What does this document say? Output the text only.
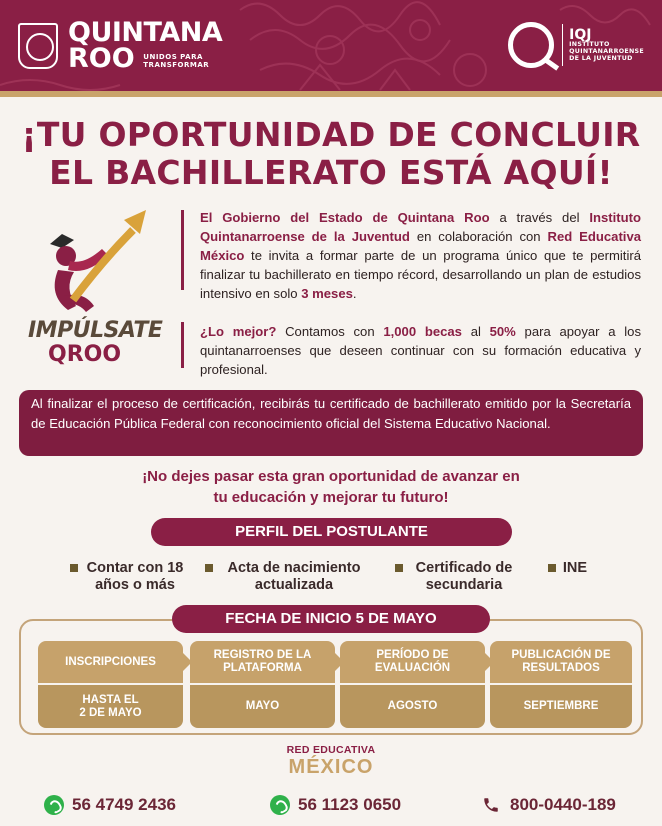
QUINTANA
ROO UNIDOS PARA
TRANSFORMAR
IQJ
INSTITUTO
QUINTANARROENSE
DE LA JUVENTUD
¡TU OPORTUNIDAD DE CONCLUIR
EL BACHILLERATO ESTÁ AQUÍ!
IMPÚLSATE
QROO
El Gobierno del Estado de Quintana Roo a través del Instituto Quintanarroense de la Juventud en colaboración con Red Educativa México te invita a formar parte de un programa único que te permitirá finalizar tu bachillerato en tiempo récord, desarrollando un plan de estudios intensivo en solo 3 meses.
¿Lo mejor? Contamos con 1,000 becas al 50% para apoyar a los quintanarroenses que deseen continuar con su formación educativa y profesional.
Al finalizar el proceso de certificación, recibirás tu certificado de bachillerato emitido por la Secretaría de Educación Pública Federal con reconocimiento oficial del Sistema Educativo Nacional.
¡No dejes pasar esta gran oportunidad de avanzar en
tu educación y mejorar tu futuro!
PERFIL DEL POSTULANTE
Contar con 18
años o más
Acta de nacimiento
actualizada
Certificado de
secundaria
INE
FECHA DE INICIO 5 DE MAYO
INSCRIPCIONES
HASTA EL
2 DE MAYO
REGISTRO DE LA
PLATAFORMA
MAYO
PERÍODO DE
EVALUACIÓN
AGOSTO
PUBLICACIÓN DE
RESULTADOS
SEPTIEMBRE
RED EDUCATIVA
MÉXICO
56 4749 2436	56 1123 0650	800-0440-189
